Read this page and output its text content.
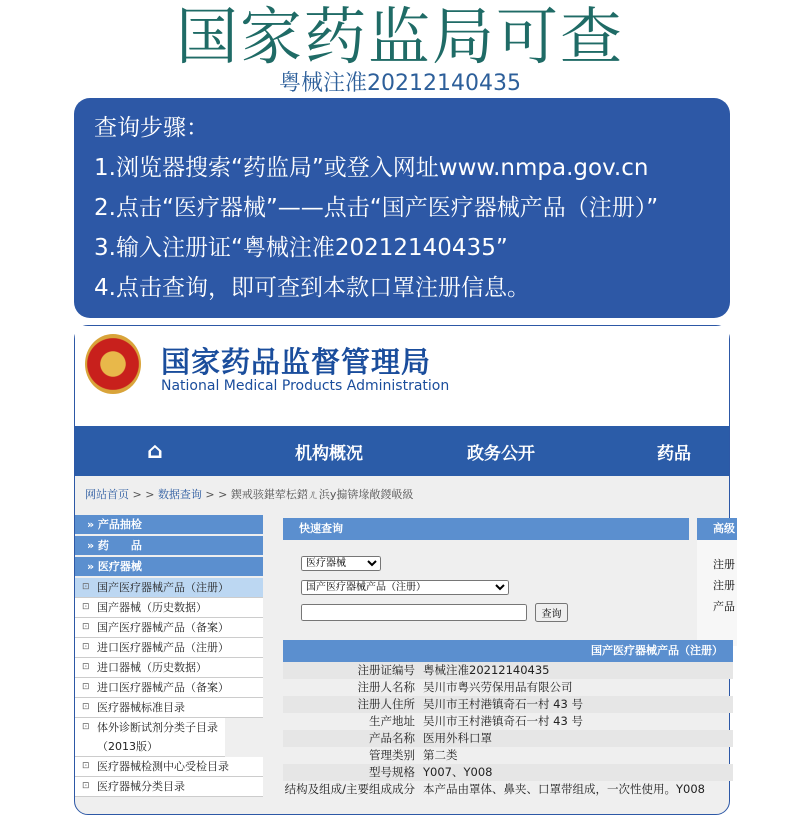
国家药监局可查
粤械注准20212140435
查询步骤：
1.浏览器搜索“药监局”或登入网址www.nmpa.gov.cn
2.点击“医疗器械”——点击“国产医疗器械产品（注册）”
3.输入注册证“粤械注准20212140435”
4.点击查询，即可查到本款口罩注册信息。
国家药品监督管理局
National Medical Products Administration
⌂	机构概况	政务公开	药品
网站首页 > > 数据查询 > > 鍥戒骇鍖荤枟鍣ㄦ浜у搧锛堟敞鍐岋級
» 产品抽检
» 药　　品
» 医疗器械
⊡ 国产医疗器械产品（注册）
⊡ 国产器械（历史数据）
⊡ 国产医疗器械产品（备案）
⊡ 进口医疗器械产品（注册）
⊡ 进口器械（历史数据）
⊡ 进口医疗器械产品（备案）
⊡ 医疗器械标准目录
⊡ 体外诊断试剂分类子目录（2013版）
⊡ 医疗器械检测中心受检目录
⊡ 医疗器械分类目录
快速查询
医疗器械
国产医疗器械产品（注册）
查询
高级
注册
注册
产品
国产医疗器械产品（注册）
注册证编号 粤械注准20212140435
注册人名称 吴川市粤兴劳保用品有限公司
注册人住所 吴川市王村港镇奇石一村 43 号
生产地址 吴川市王村港镇奇石一村 43 号
产品名称 医用外科口罩
管理类别 第二类
型号规格 Y007、Y008
结构及组成/主要组成成分 本产品由罩体、鼻夹、口罩带组成，一次性使用。Y008
